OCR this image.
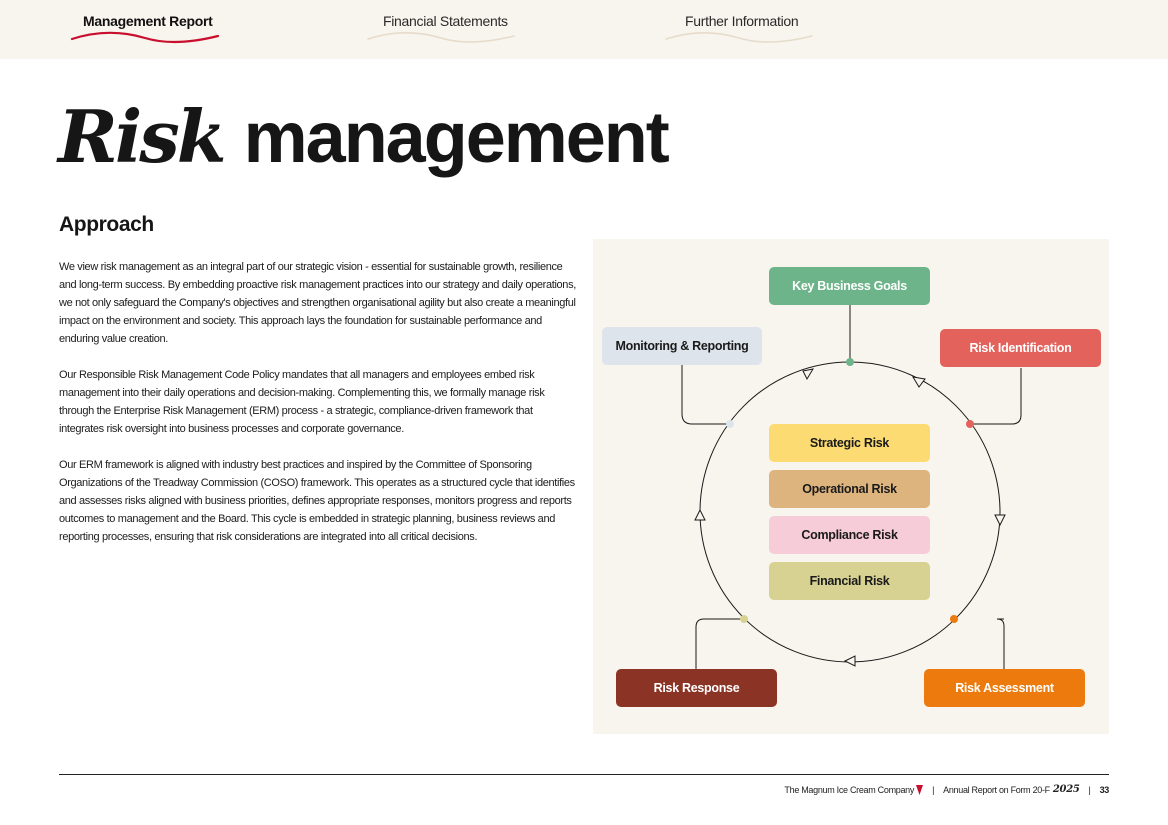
Management Report	Financial Statements	Further Information
Risk management
Approach

We view risk management as an integral part of our strategic vision - essential for sustainable growth, resilience and long-term success. By embedding proactive risk management practices into our strategy and daily operations, we not only safeguard the Company's objectives and strengthen organisational agility but also create a meaningful impact on the environment and society. This approach lays the foundation for sustainable performance and enduring value creation.

Our Responsible Risk Management Code Policy mandates that all managers and employees embed risk management into their daily operations and decision-making. Complementing this, we formally manage risk through the Enterprise Risk Management (ERM) process - a strategic, compliance-driven framework that integrates risk oversight into business processes and corporate governance.

Our ERM framework is aligned with industry best practices and inspired by the Committee of Sponsoring Organizations of the Treadway Commission (COSO) framework. This operates as a structured cycle that identifies and assesses risks aligned with business priorities, defines appropriate responses, monitors progress and reports outcomes to management and the Board. This cycle is embedded in strategic planning, business reviews and reporting processes, ensuring that risk considerations are integrated into all critical decisions.

Key Business Goals
Risk Identification
Monitoring & Reporting
Risk Assessment
Risk Response
Strategic Risk
Operational Risk
Compliance Risk
Financial Risk
The Magnum Ice Cream Company | Annual Report on Form 20-F 2025 | 33
